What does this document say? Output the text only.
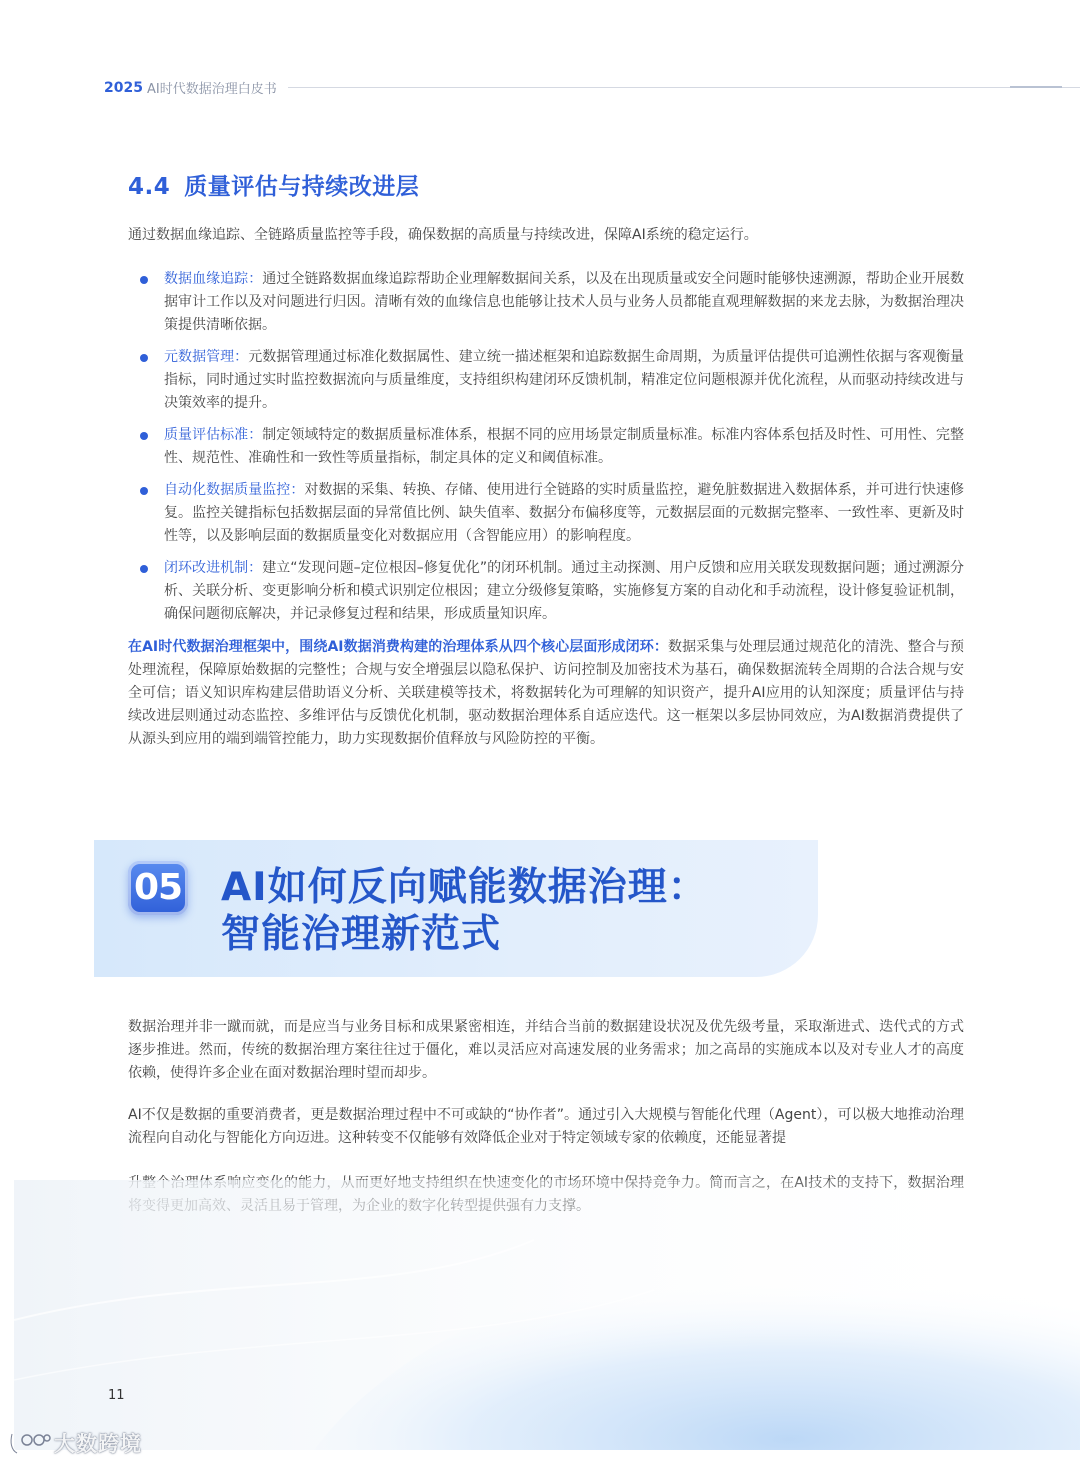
2025 AI时代数据治理白皮书
4.4 质量评估与持续改进层
通过数据血缘追踪、全链路质量监控等手段，确保数据的高质量与持续改进，保障AI系统的稳定运行。
数据血缘追踪：通过全链路数据血缘追踪帮助企业理解数据间关系，以及在出现质量或安全问题时能够快速溯源，帮助企业开展数据审计工作以及对问题进行归因。清晰有效的血缘信息也能够让技术人员与业务人员都能直观理解数据的来龙去脉，为数据治理决策提供清晰依据。
元数据管理：元数据管理通过标准化数据属性、建立统一描述框架和追踪数据生命周期，为质量评估提供可追溯性依据与客观衡量指标，同时通过实时监控数据流向与质量维度，支持组织构建闭环反馈机制，精准定位问题根源并优化流程，从而驱动持续改进与决策效率的提升。
质量评估标准：制定领域特定的数据质量标准体系，根据不同的应用场景定制质量标准。标准内容体系包括及时性、可用性、完整性、规范性、准确性和一致性等质量指标，制定具体的定义和阈值标准。
自动化数据质量监控：对数据的采集、转换、存储、使用进行全链路的实时质量监控，避免脏数据进入数据体系，并可进行快速修复。监控关键指标包括数据层面的异常值比例、缺失值率、数据分布偏移度等，元数据层面的元数据完整率、一致性率、更新及时性等，以及影响层面的数据质量变化对数据应用（含智能应用）的影响程度。
闭环改进机制：建立“发现问题–定位根因–修复优化”的闭环机制。通过主动探测、用户反馈和应用关联发现数据问题；通过溯源分析、关联分析、变更影响分析和模式识别定位根因；建立分级修复策略，实施修复方案的自动化和手动流程，设计修复验证机制，确保问题彻底解决，并记录修复过程和结果，形成质量知识库。
在AI时代数据治理框架中，围绕AI数据消费构建的治理体系从四个核心层面形成闭环：数据采集与处理层通过规范化的清洗、整合与预处理流程，保障原始数据的完整性；合规与安全增强层以隐私保护、访问控制及加密技术为基石，确保数据流转全周期的合法合规与安全可信；语义知识库构建层借助语义分析、关联建模等技术，将数据转化为可理解的知识资产，提升AI应用的认知深度；质量评估与持续改进层则通过动态监控、多维评估与反馈优化机制，驱动数据治理体系自适应迭代。这一框架以多层协同效应，为AI数据消费提供了从源头到应用的端到端管控能力，助力实现数据价值释放与风险防控的平衡。
05 AI如何反向赋能数据治理：
智能治理新范式
数据治理并非一蹴而就，而是应当与业务目标和成果紧密相连，并结合当前的数据建设状况及优先级考量，采取渐进式、迭代式的方式逐步推进。然而，传统的数据治理方案往往过于僵化，难以灵活应对高速发展的业务需求；加之高昂的实施成本以及对专业人才的高度依赖，使得许多企业在面对数据治理时望而却步。
AI不仅是数据的重要消费者，更是数据治理过程中不可或缺的“协作者”。通过引入大规模与智能化代理（Agent），可以极大地推动治理流程向自动化与智能化方向迈进。这种转变不仅能够有效降低企业对于特定领域专家的依赖度，还能显著提
11
大数跨境
